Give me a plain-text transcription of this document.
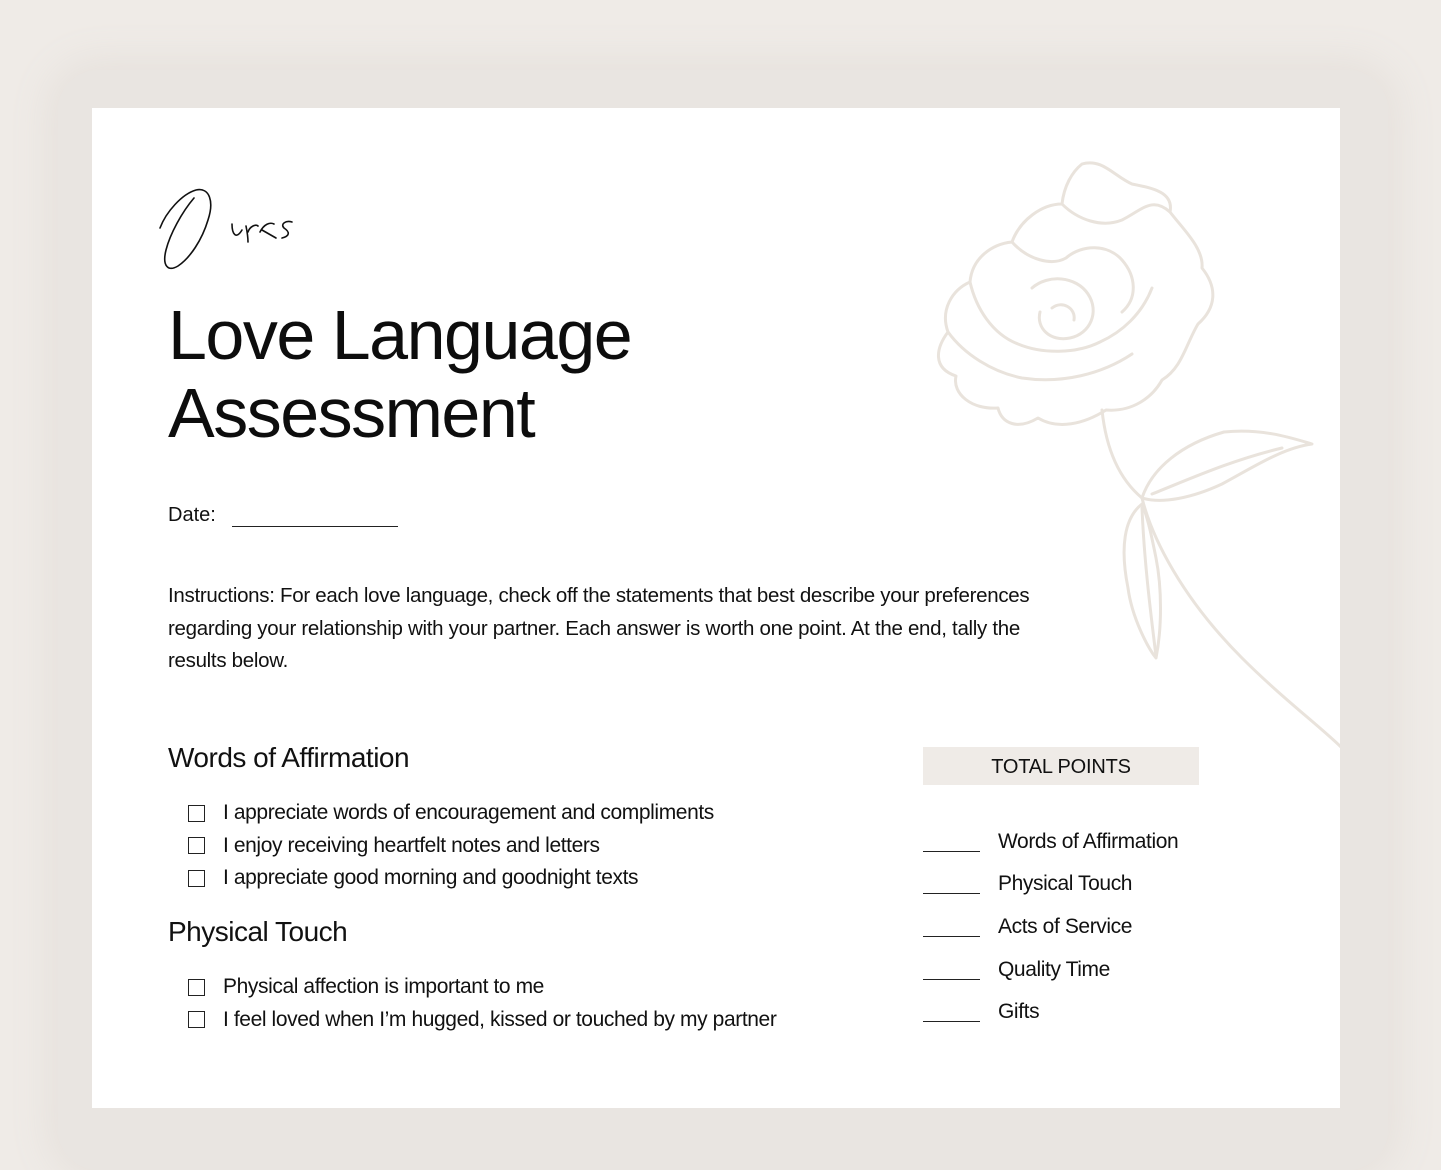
Love Language
Assessment
Date:

Instructions: For each love language, check off the statements that best describe your preferences regarding your relationship with your partner. Each answer is worth one point. At the end, tally the results below.

Words of Affirmation
I appreciate words of encouragement and compliments
I enjoy receiving heartfelt notes and letters
I appreciate good morning and goodnight texts
Physical Touch
Physical affection is important to me
I feel loved when I’m hugged, kissed or touched by my partner
TOTAL POINTS
Words of Affirmation
Physical Touch
Acts of Service
Quality Time
Gifts
